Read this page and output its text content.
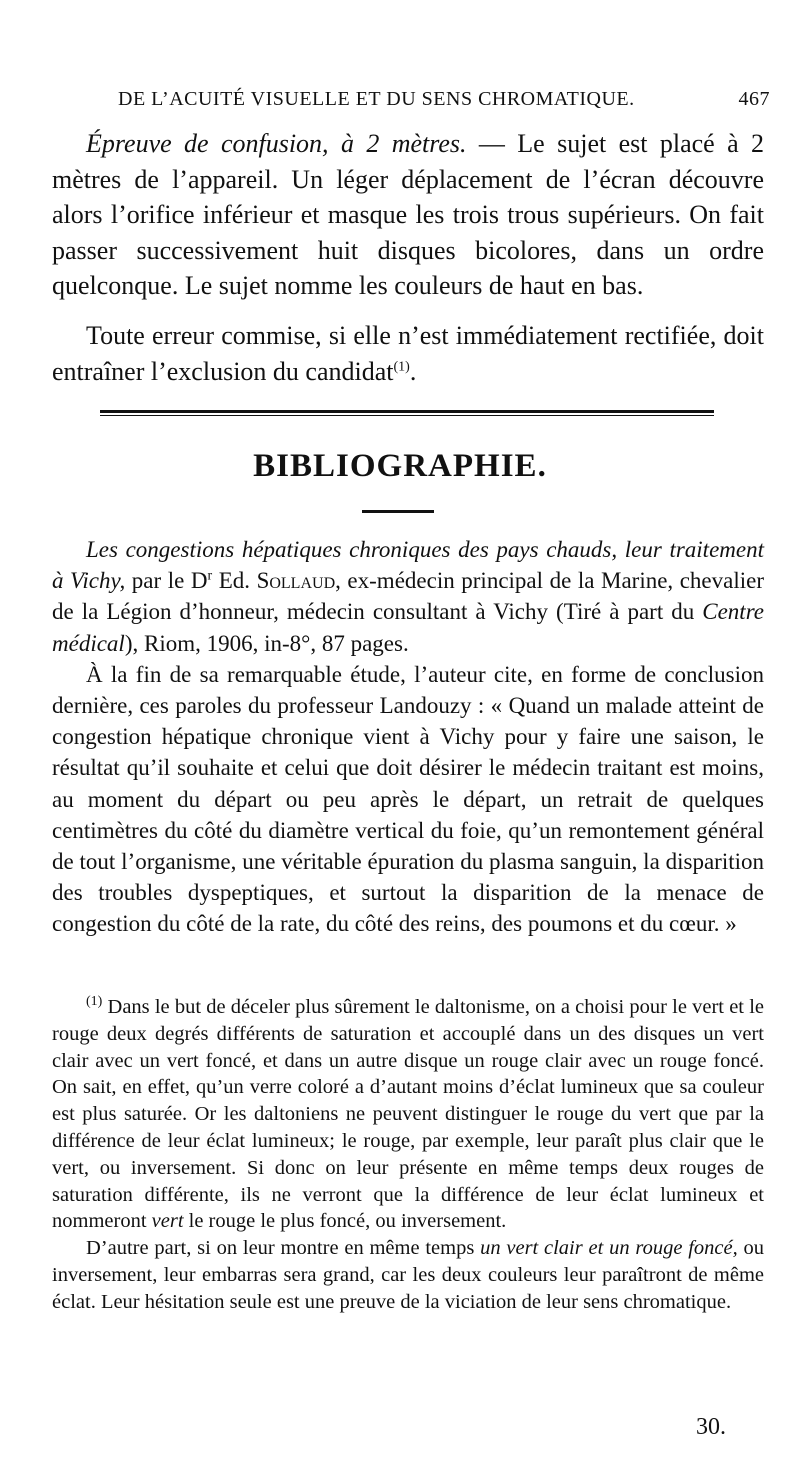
DE L’ACUITÉ VISUELLE ET DU SENS CHROMATIQUE.	467

Épreuve de confusion, à 2 mètres. — Le sujet est placé à 2 mètres de l’appareil. Un léger déplacement de l’écran découvre alors l’orifice inférieur et masque les trois trous supérieurs. On fait passer successivement huit disques bicolores, dans un ordre quelconque. Le sujet nomme les couleurs de haut en bas.

Toute erreur commise, si elle n’est immédiatement rectifiée, doit entraîner l’exclusion du candidat$^{(1)}$.

BIBLIOGRAPHIE.

Les congestions hépatiques chroniques des pays chauds, leur traitement à Vichy, par le $D^r$ Ed. Sollaud, ex-médecin principal de la Marine, chevalier de la Légion d’honneur, médecin consultant à Vichy (Tiré à part du Centre médical), Riom, 1906, in-8°, 87 pages.

À la fin de sa remarquable étude, l’auteur cite, en forme de conclusion dernière, ces paroles du professeur Landouzy : « Quand un malade atteint de congestion hépatique chronique vient à Vichy pour y faire une saison, le résultat qu’il souhaite et celui que doit désirer le médecin traitant est moins, au moment du départ ou peu après le départ, un retrait de quelques centimètres du côté du diamètre vertical du foie, qu’un remontement général de tout l’organisme, une véritable épuration du plasma sanguin, la disparition des troubles dyspeptiques, et surtout la disparition de la menace de congestion du côté de la rate, du côté des reins, des poumons et du cœur. »

$^{(1)}$ Dans le but de déceler plus sûrement le daltonisme, on a choisi pour le vert et le rouge deux degrés différents de saturation et accouplé dans un des disques un vert clair avec un vert foncé, et dans un autre disque un rouge clair avec un rouge foncé. On sait, en effet, qu’un verre coloré a d’autant moins d’éclat lumineux que sa couleur est plus saturée. Or les daltoniens ne peuvent distinguer le rouge du vert que par la différence de leur éclat lumineux; le rouge, par exemple, leur paraît plus clair que le vert, ou inversement. Si donc on leur présente en même temps deux rouges de saturation différente, ils ne verront que la différence de leur éclat lumineux et nommeront vert le rouge le plus foncé, ou inversement.

D’autre part, si on leur montre en même temps un vert clair et un rouge foncé, ou inversement, leur embarras sera grand, car les deux couleurs leur paraîtront de même éclat. Leur hésitation seule est une preuve de la viciation de leur sens chromatique.

30.
